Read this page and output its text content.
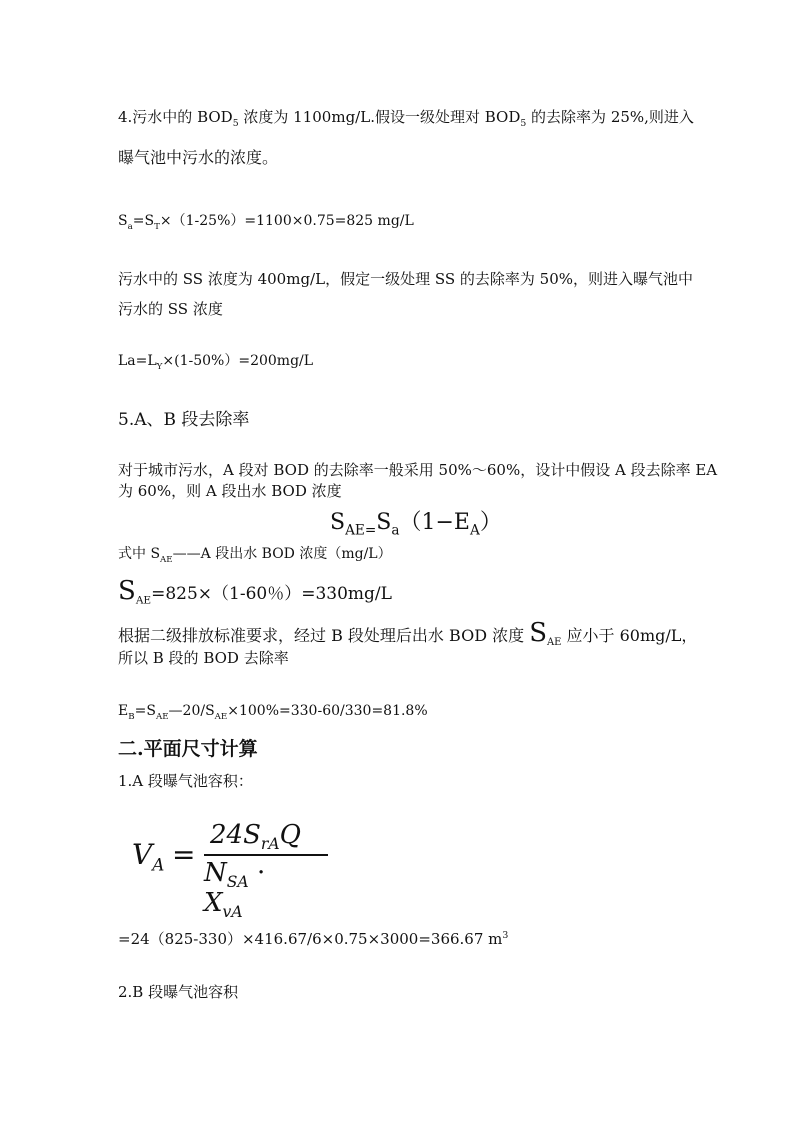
4.污水中的 $BOD_5$ 浓度为 1100mg/L.假设一级处理对 $BOD_5$ 的去除率为 25%,则进入
曝气池中污水的浓度。
$S_a=S_T\times(1-25\%)=1100\times 0.75=825$ mg/L
污水中的 SS 浓度为 400mg/L，假定一级处理 SS 的去除率为 50%，则进入曝气池中
污水的 SS 浓度
$La=L_Y\times(1-50\%)=200mg/L$
5.A、B 段去除率
对于城市污水，A 段对 BOD 的去除率一般采用 50%～60%，设计中假设 A 段去除率 EA
为 60%，则 A 段出水 BOD 浓度
$S_{AE=}S_a(1-E_A)$
式中 $S_{AE}——A$ 段出水 BOD 浓度（mg/L）
$S_{AE}=825\times(1-60$％）=330mg/L
根据二级排放标准要求，经过 B 段处理后出水 BOD 浓度 $S_{AE}$ 应小于 60mg/L，
所以 B 段的 BOD 去除率
$E_B=S_{AE}—20/S_{AE}\times 100\%=330-60/330=81.8\%$
二.平面尺寸计算
1.A 段曝气池容积：
$V_A$ =
$24S_{rA}Q$
$N_{SA} \cdot X_{vA}$
=24（825-330）×416.67/6×0.75×3000=366.67 $m^3$
2.B 段曝气池容积
